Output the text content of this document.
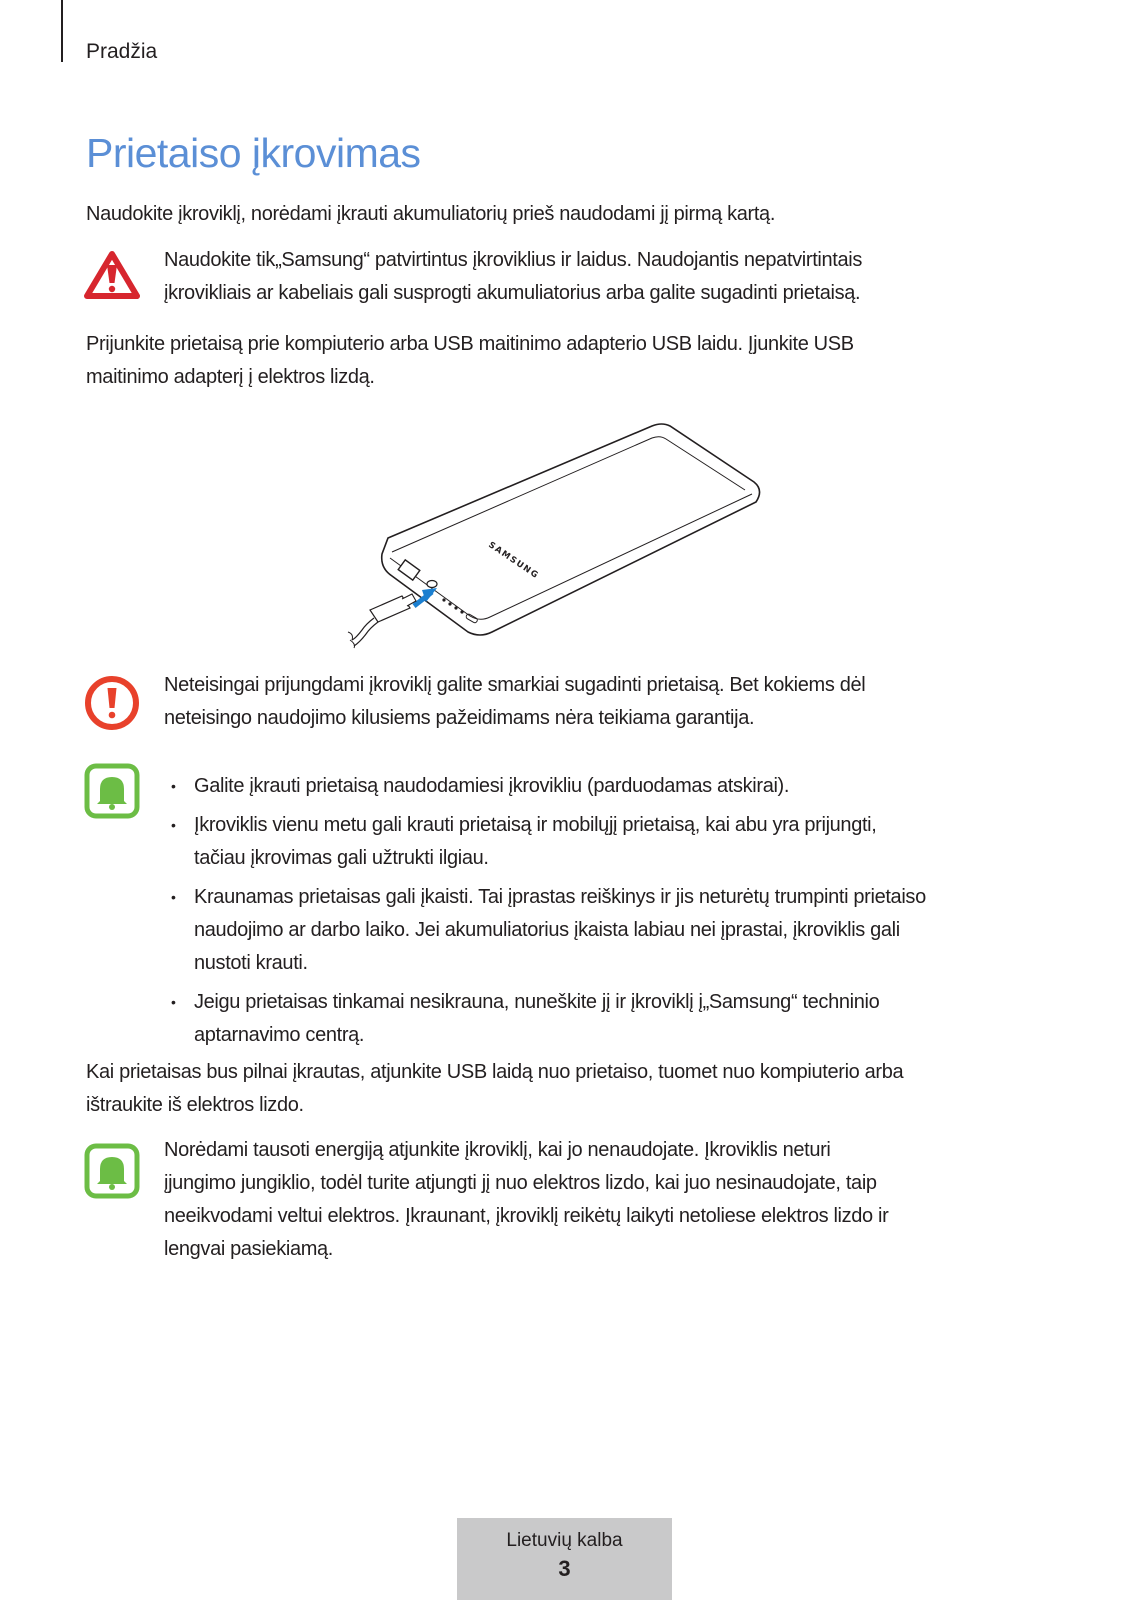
Pradžia
Prietaiso įkrovimas

Naudokite įkroviklį, norėdami įkrauti akumuliatorių prieš naudodami jį pirmą kartą.

Naudokite tik„Samsung“ patvirtintus įkroviklius ir laidus. Naudojantis nepatvirtintais

įkrovikliais ar kabeliais gali susprogti akumuliatorius arba galite sugadinti prietaisą.

Prijunkite prietaisą prie kompiuterio arba USB maitinimo adapterio USB laidu. Įjunkite USB

maitinimo adapterį į elektros lizdą.

SAMSUNG

Neteisingai prijungdami įkroviklį galite smarkiai sugadinti prietaisą. Bet kokiems dėl

neteisingo naudojimo kilusiems pažeidimams nėra teikiama garantija.

• Galite įkrauti prietaisą naudodamiesi įkrovikliu (parduodamas atskirai).
• Įkroviklis vienu metu gali krauti prietaisą ir mobilųjį prietaisą, kai abu yra prijungti,
tačiau įkrovimas gali užtrukti ilgiau.
• Kraunamas prietaisas gali įkaisti. Tai įprastas reiškinys ir jis neturėtų trumpinti prietaiso
naudojimo ar darbo laiko. Jei akumuliatorius įkaista labiau nei įprastai, įkroviklis gali
nustoti krauti.
• Jeigu prietaisas tinkamai nesikrauna, nuneškite jį ir įkroviklį į„Samsung“ techninio
aptarnavimo centrą.

Kai prietaisas bus pilnai įkrautas, atjunkite USB laidą nuo prietaiso, tuomet nuo kompiuterio arba

ištraukite iš elektros lizdo.

Norėdami tausoti energiją atjunkite įkroviklį, kai jo nenaudojate. Įkroviklis neturi

įjungimo jungiklio, todėl turite atjungti jį nuo elektros lizdo, kai juo nesinaudojate, taip

neeikvodami veltui elektros. Įkraunant, įkroviklį reikėtų laikyti netoliese elektros lizdo ir

lengvai pasiekiamą.

Lietuvių kalba
3
